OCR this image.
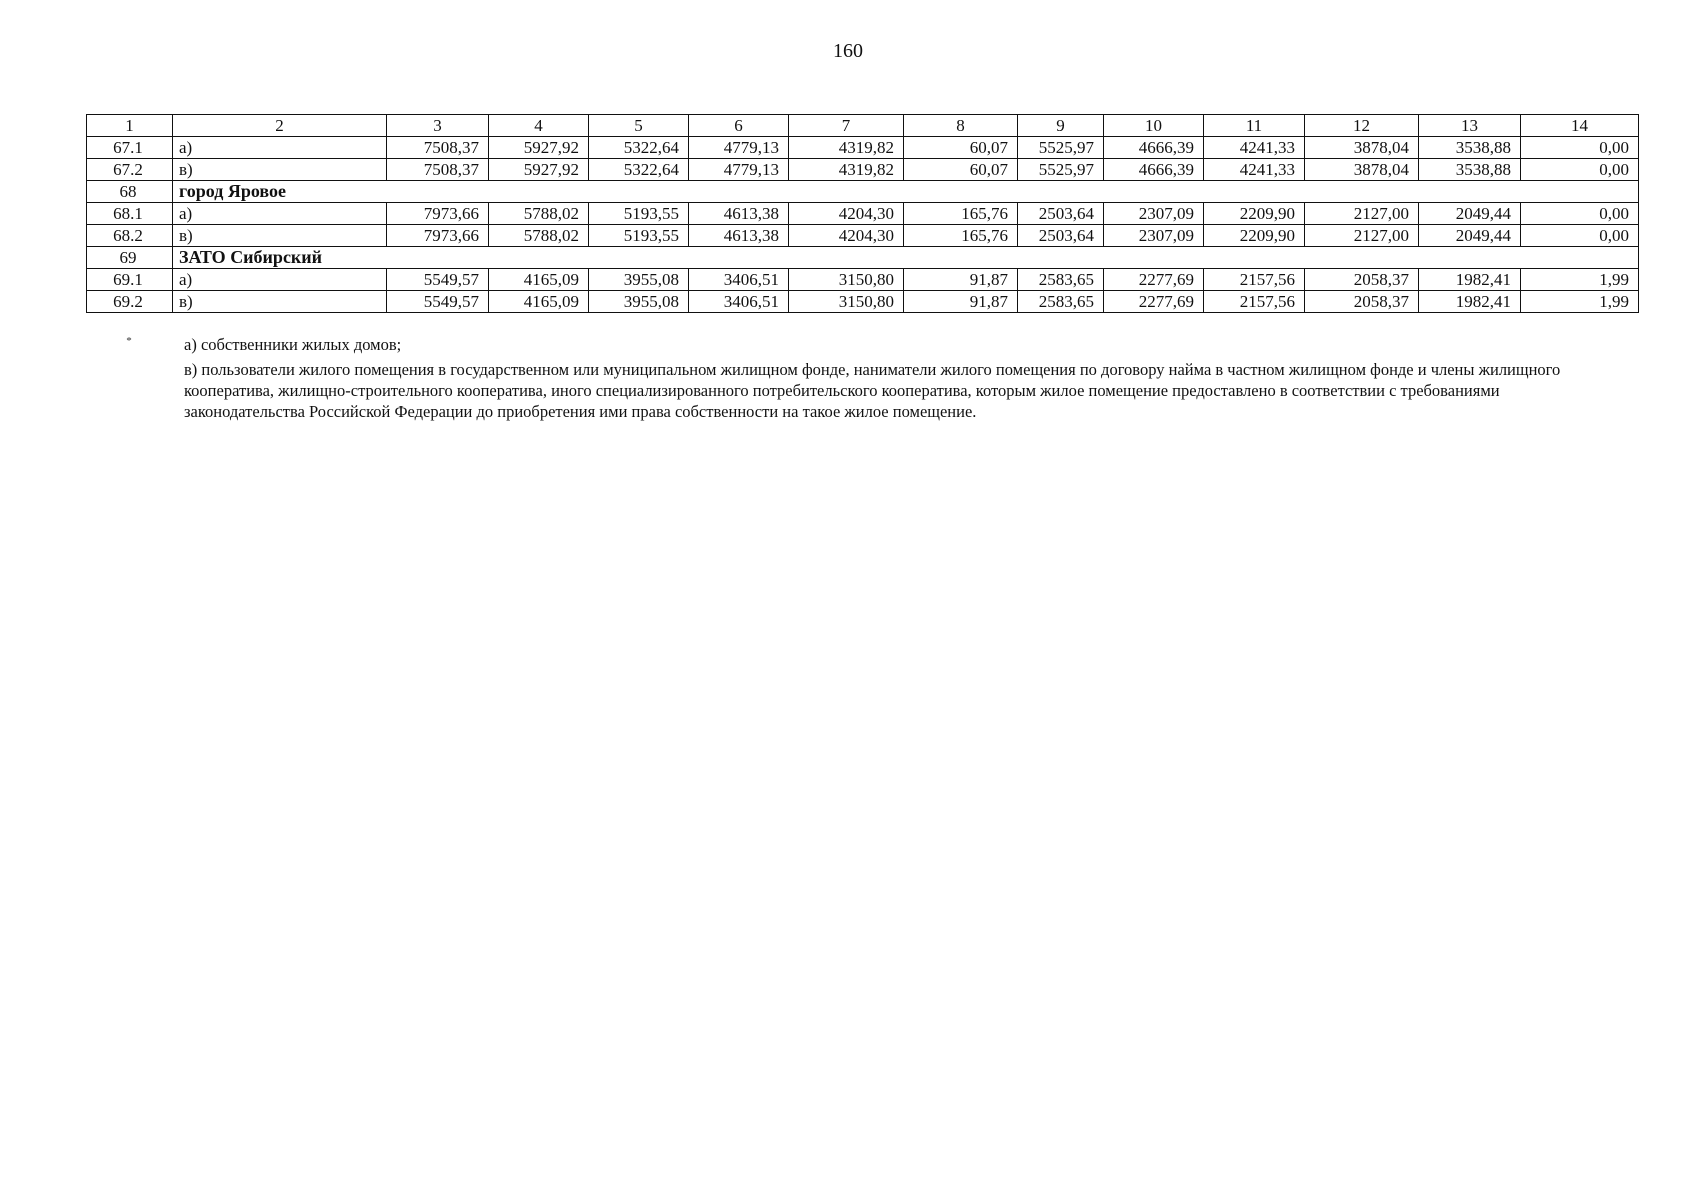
160
1	2	3	4	5	6	7	8	9	10	11	12	13	14
67.1	а)	7508,37	5927,92	5322,64	4779,13	4319,82	60,07	5525,97	4666,39	4241,33	3878,04	3538,88	0,00
67.2	в)	7508,37	5927,92	5322,64	4779,13	4319,82	60,07	5525,97	4666,39	4241,33	3878,04	3538,88	0,00
68	город Яровое												
68.1	а)	7973,66	5788,02	5193,55	4613,38	4204,30	165,76	2503,64	2307,09	2209,90	2127,00	2049,44	0,00
68.2	в)	7973,66	5788,02	5193,55	4613,38	4204,30	165,76	2503,64	2307,09	2209,90	2127,00	2049,44	0,00
69	ЗАТО Сибирский												
69.1	а)	5549,57	4165,09	3955,08	3406,51	3150,80	91,87	2583,65	2277,69	2157,56	2058,37	1982,41	1,99
69.2	в)	5549,57	4165,09	3955,08	3406,51	3150,80	91,87	2583,65	2277,69	2157,56	2058,37	1982,41	1,99
*	а) собственники жилых домов;
в) пользователи жилого помещения в государственном или муниципальном жилищном фонде, наниматели жилого помещения по договору найма в частном жилищном фонде и члены жилищного кооператива, жилищно-строительного кооператива, иного специализированного потребительского кооператива, которым жилое помещение предоставлено в соответствии с требованиями законодательства Российской Федерации до приобретения ими права собственности на такое жилое помещение.
